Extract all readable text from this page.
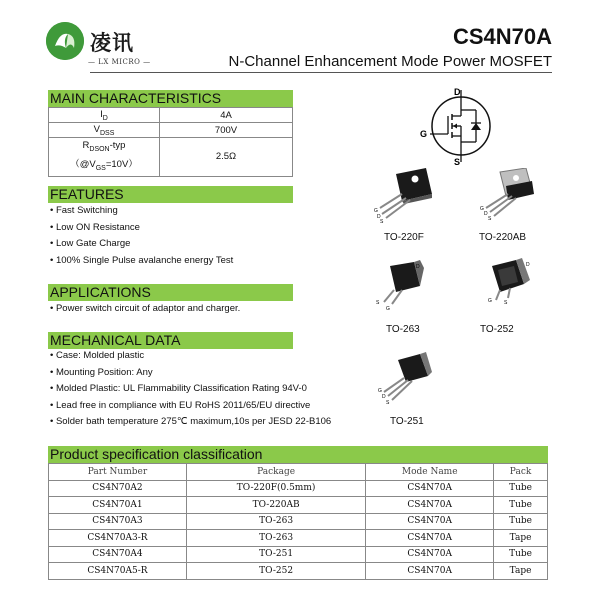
凌讯
— LX MICRO —
CS4N70A
N-Channel Enhancement Mode Power MOSFET
MAIN CHARACTERISTICS
$I_D$	4A
$V_{DSS}$	700V
$R_{DSON}$-typ
$(@V_{GS}=10V)$	2.5Ω
FEATURES
• Fast Switching
• Low ON Resistance
• Low Gate Charge
• 100% Single Pulse avalanche energy Test
APPLICATIONS
• Power switch circuit of adaptor and charger.
MECHANICAL DATA
• Case: Molded plastic
• Mounting Position: Any
• Molded Plastic: UL Flammability Classification Rating 94V-0
• Lead free in compliance with EU RoHS 2011/65/EU directive
• Solder bath temperature 275℃ maximum,10s per JESD 22-B106
D
G
S
G
D
S
TO-220F
G
D
S
TO-220AB
D
S
G
TO-263
G S
D
TO-252
G
D
S
TO-251
Product specification classification
Part Number	Package	Mode Name	Pack
CS4N70A2	TO-220F(0.5mm)	CS4N70A	Tube
CS4N70A1	TO-220AB	CS4N70A	Tube
CS4N70A3	TO-263	CS4N70A	Tube
CS4N70A3-R	TO-263	CS4N70A	Tape
CS4N70A4	TO-251	CS4N70A	Tube
CS4N70A5-R	TO-252	CS4N70A	Tape
